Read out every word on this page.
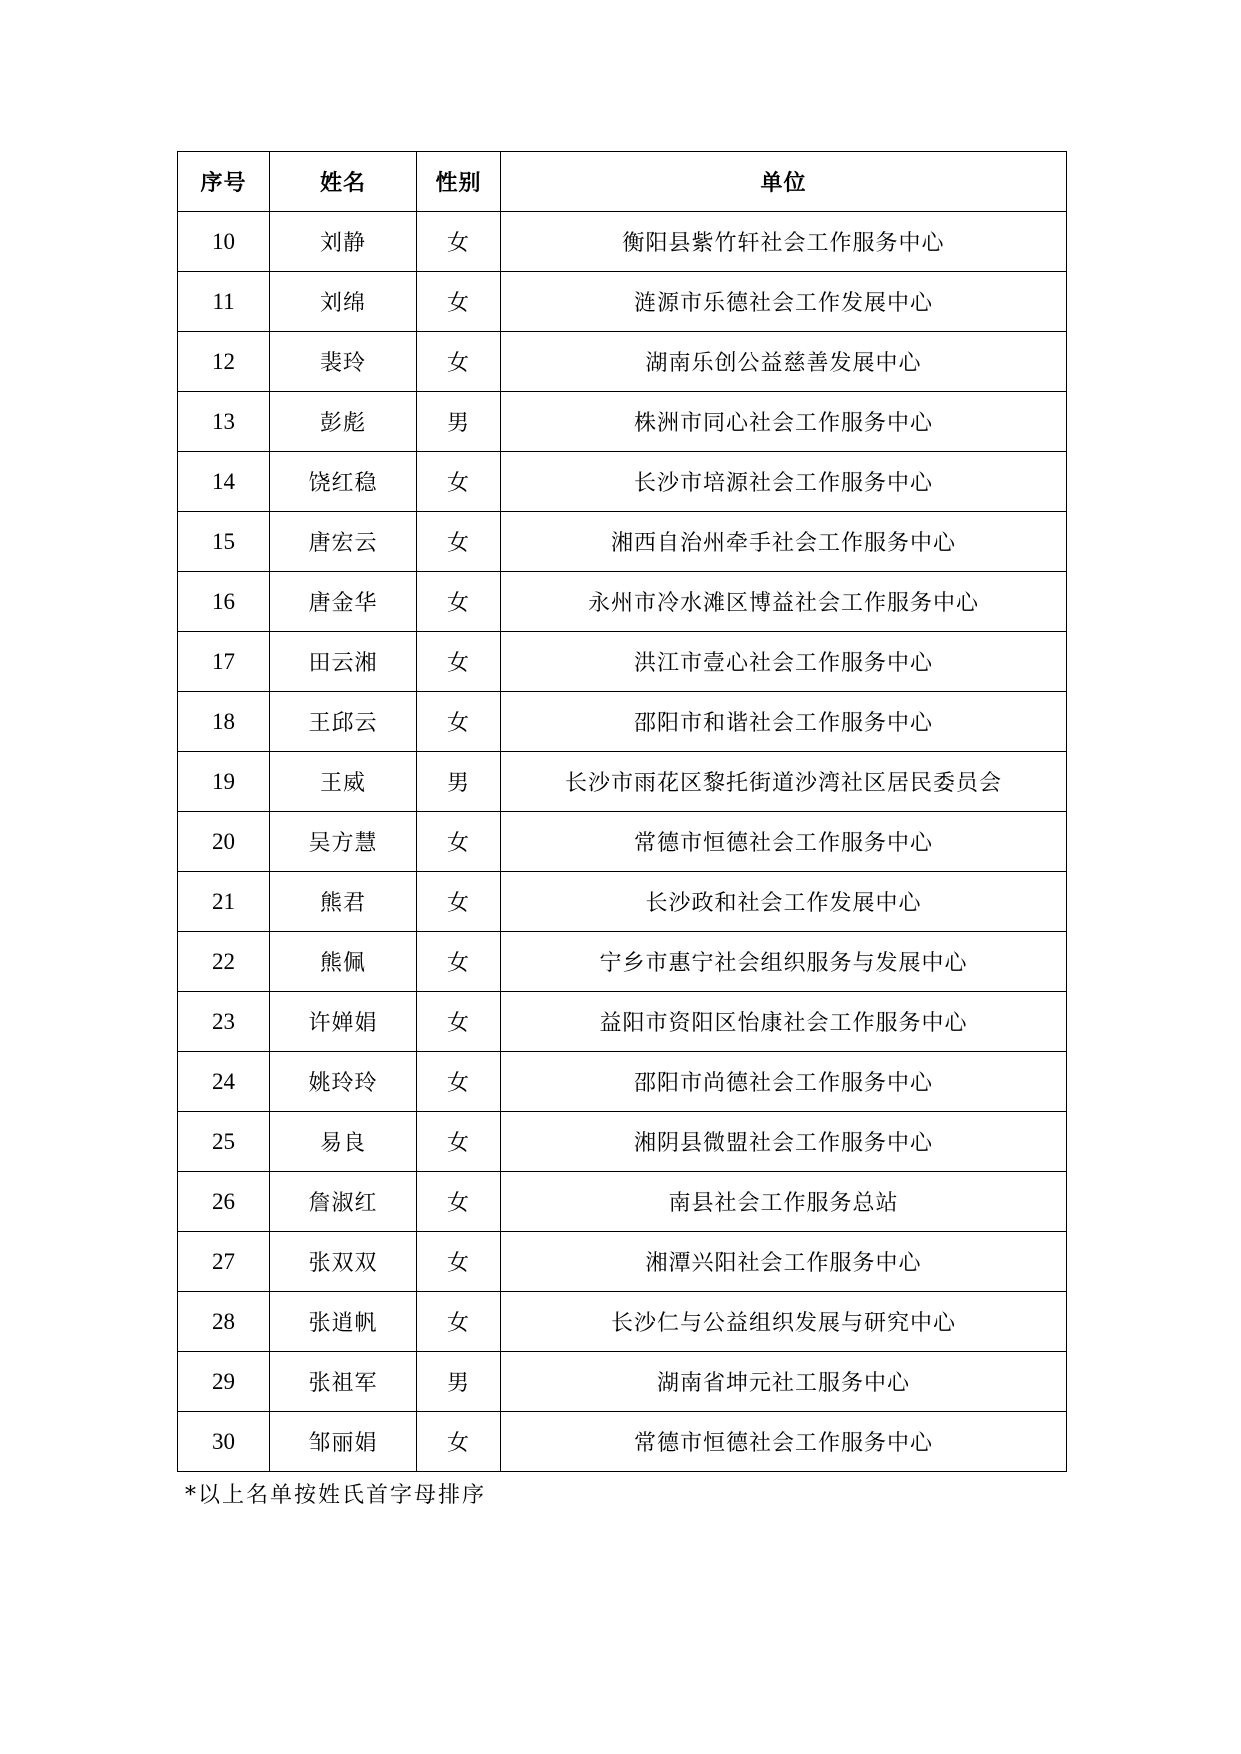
序号	姓名	性别	单位
10	刘静	女	衡阳县紫竹轩社会工作服务中心
11	刘绵	女	涟源市乐德社会工作发展中心
12	裴玲	女	湖南乐创公益慈善发展中心
13	彭彪	男	株洲市同心社会工作服务中心
14	饶红稳	女	长沙市培源社会工作服务中心
15	唐宏云	女	湘西自治州牵手社会工作服务中心
16	唐金华	女	永州市冷水滩区博益社会工作服务中心
17	田云湘	女	洪江市壹心社会工作服务中心
18	王邱云	女	邵阳市和谐社会工作服务中心
19	王威	男	长沙市雨花区黎托街道沙湾社区居民委员会
20	吴方慧	女	常德市恒德社会工作服务中心
21	熊君	女	长沙政和社会工作发展中心
22	熊佩	女	宁乡市惠宁社会组织服务与发展中心
23	许婵娟	女	益阳市资阳区怡康社会工作服务中心
24	姚玲玲	女	邵阳市尚德社会工作服务中心
25	易良	女	湘阴县微盟社会工作服务中心
26	詹淑红	女	南县社会工作服务总站
27	张双双	女	湘潭兴阳社会工作服务中心
28	张逍帆	女	长沙仁与公益组织发展与研究中心
29	张祖军	男	湖南省坤元社工服务中心
30	邹丽娟	女	常德市恒德社会工作服务中心
*以上名单按姓氏首字母排序
